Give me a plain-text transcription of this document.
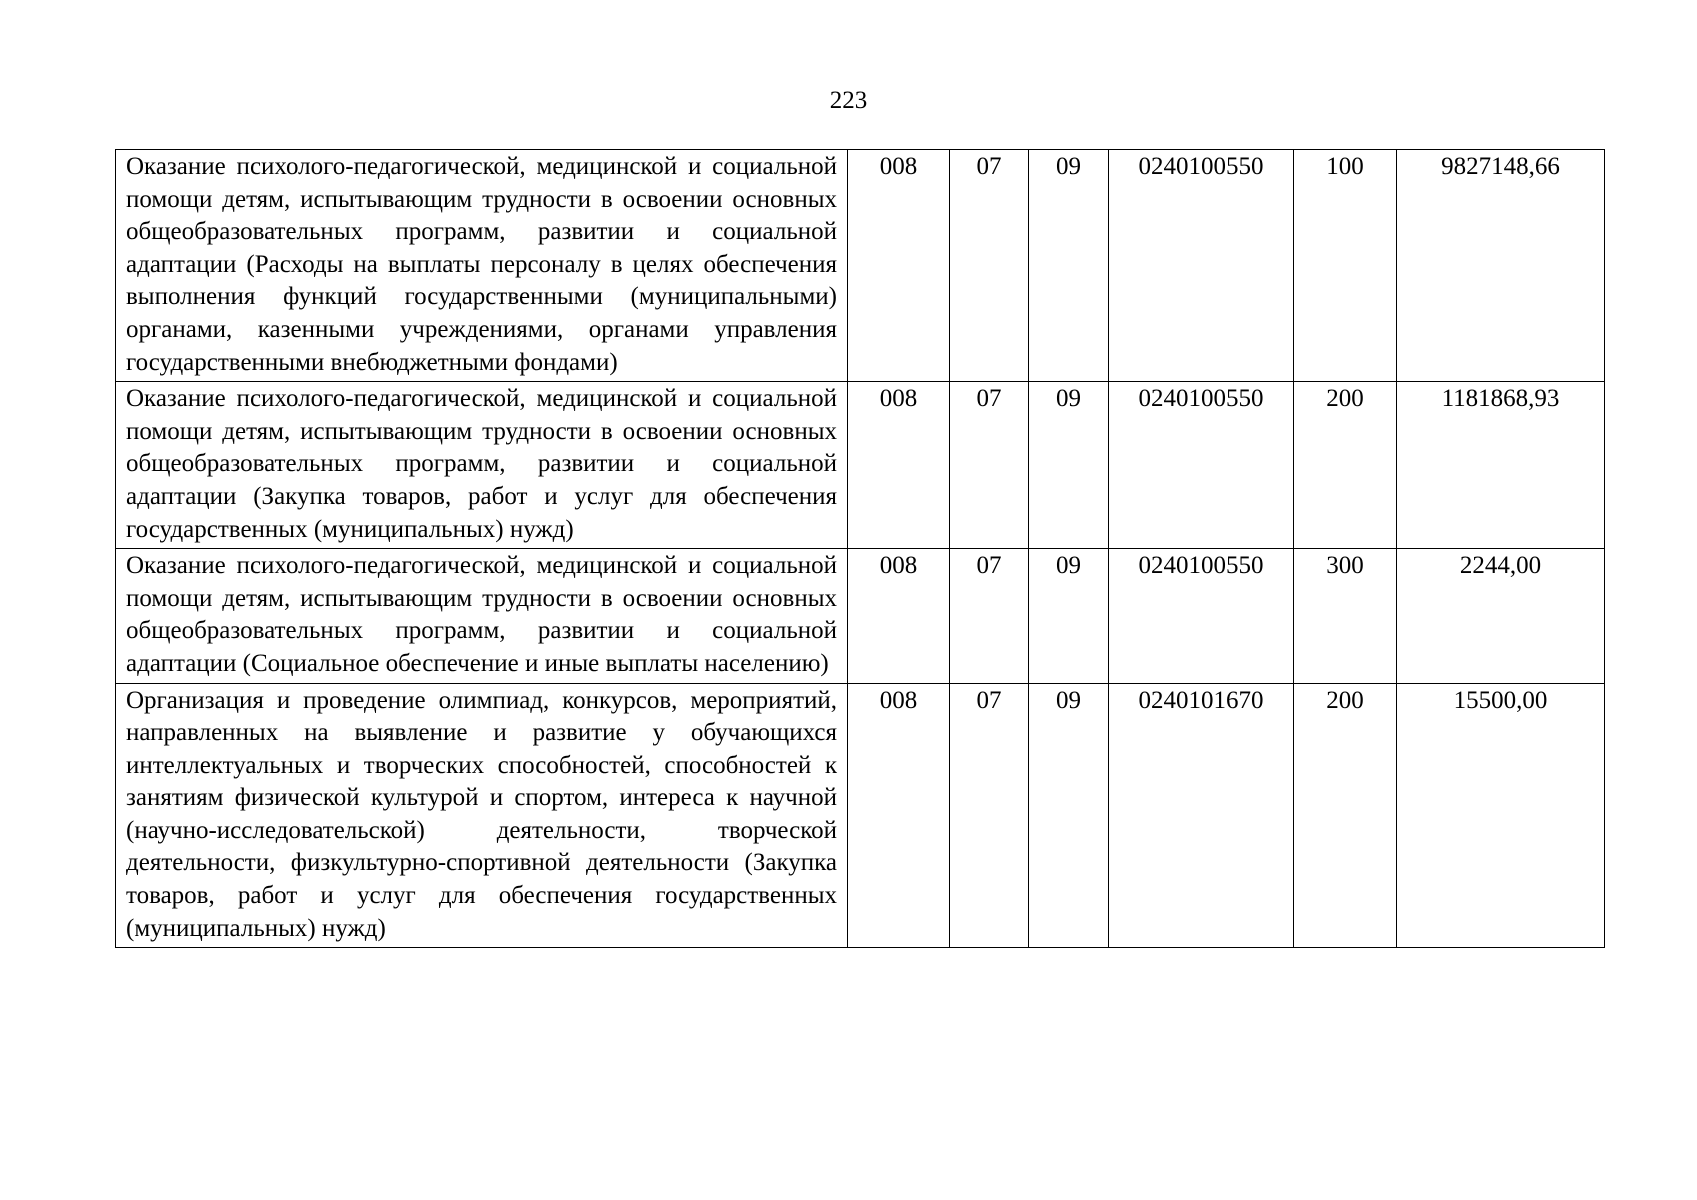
223
Оказание психолого-педагогической, медицинской и социальной помощи детям, испытывающим трудности в освоении основных общеобразовательных программ, развитии и социальной адаптации (Расходы на выплаты персоналу в целях обеспечения выполнения функций государственными (муниципальными) органами, казенными учреждениями, органами управления государственными внебюджетными фондами)	008	07	09	0240100550	100	9827148,66
Оказание психолого-педагогической, медицинской и социальной помощи детям, испытывающим трудности в освоении основных общеобразовательных программ, развитии и социальной адаптации (Закупка товаров, работ и услуг для обеспечения государственных (муниципальных) нужд)	008	07	09	0240100550	200	1181868,93
Оказание психолого-педагогической, медицинской и социальной помощи детям, испытывающим трудности в освоении основных общеобразовательных программ, развитии и социальной адаптации (Социальное обеспечение и иные выплаты населению)	008	07	09	0240100550	300	2244,00
Организация и проведение олимпиад, конкурсов, мероприятий, направленных на выявление и развитие у обучающихся интеллектуальных и творческих способностей, способностей к занятиям физической культурой и спортом, интереса к научной (научно-исследовательской) деятельности, творческой деятельности, физкультурно-спортивной деятельности (Закупка товаров, работ и услуг для обеспечения государственных (муниципальных) нужд)	008	07	09	0240101670	200	15500,00
